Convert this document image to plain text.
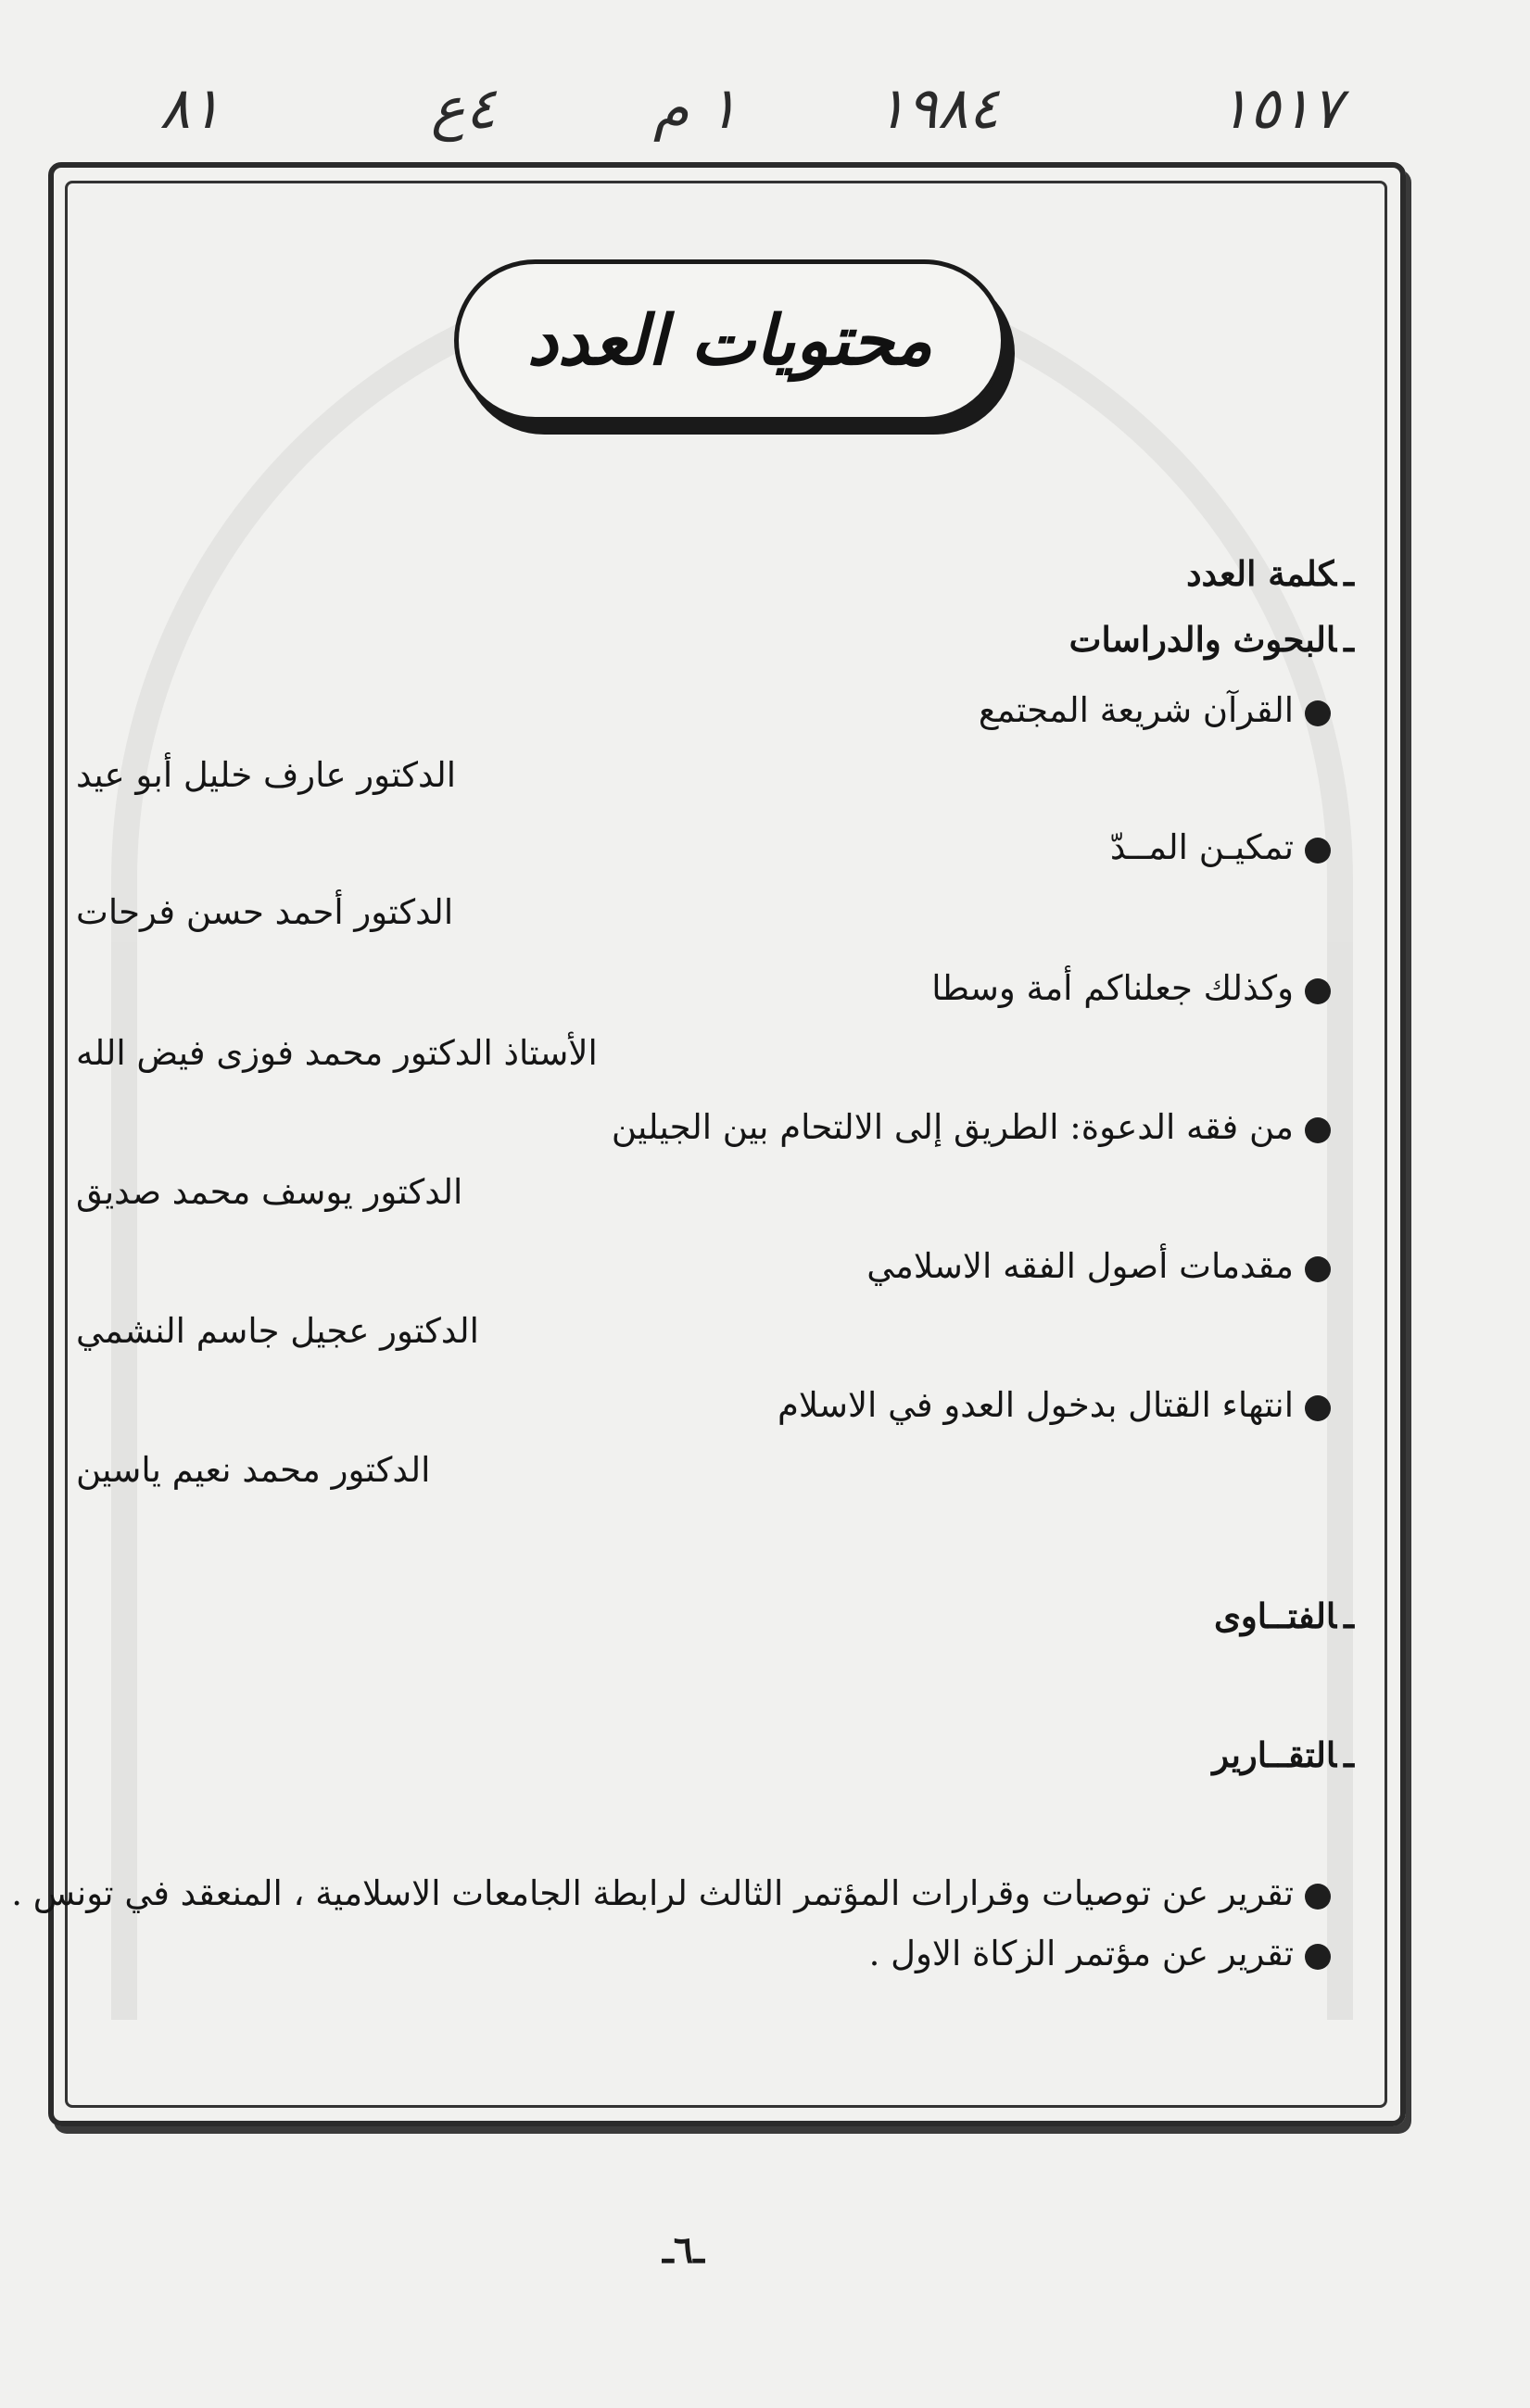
٨١	٤ع	١ م ١٩٨٤	١٥١٧
محتويات العدد
ـكلمة العدد
ـالبحوث والدراسات
القرآن شريعة المجتمع
الدكتور عارف خليل أبو عيد
تمكيـن المــدّ
الدكتور أحمد حسن فرحات
وكذلك جعلناكم أمة وسطا
الأستاذ الدكتور محمد فوزى فيض الله
من فقه الدعوة: الطريق إلى الالتحام بين الجيلين
الدكتور يوسف محمد صديق
مقدمات أصول الفقه الاسلامي
الدكتور عجيل جاسم النشمي
انتهاء القتال بدخول العدو في الاسلام
الدكتور محمد نعيم ياسين
ـالفتــاوى
ـالتقــارير
تقرير عن توصيات وقرارات المؤتمر الثالث لرابطة الجامعات الاسلامية ، المنعقد في تونس .
تقرير عن مؤتمر الزكاة الاول .
ـ٦ـ
